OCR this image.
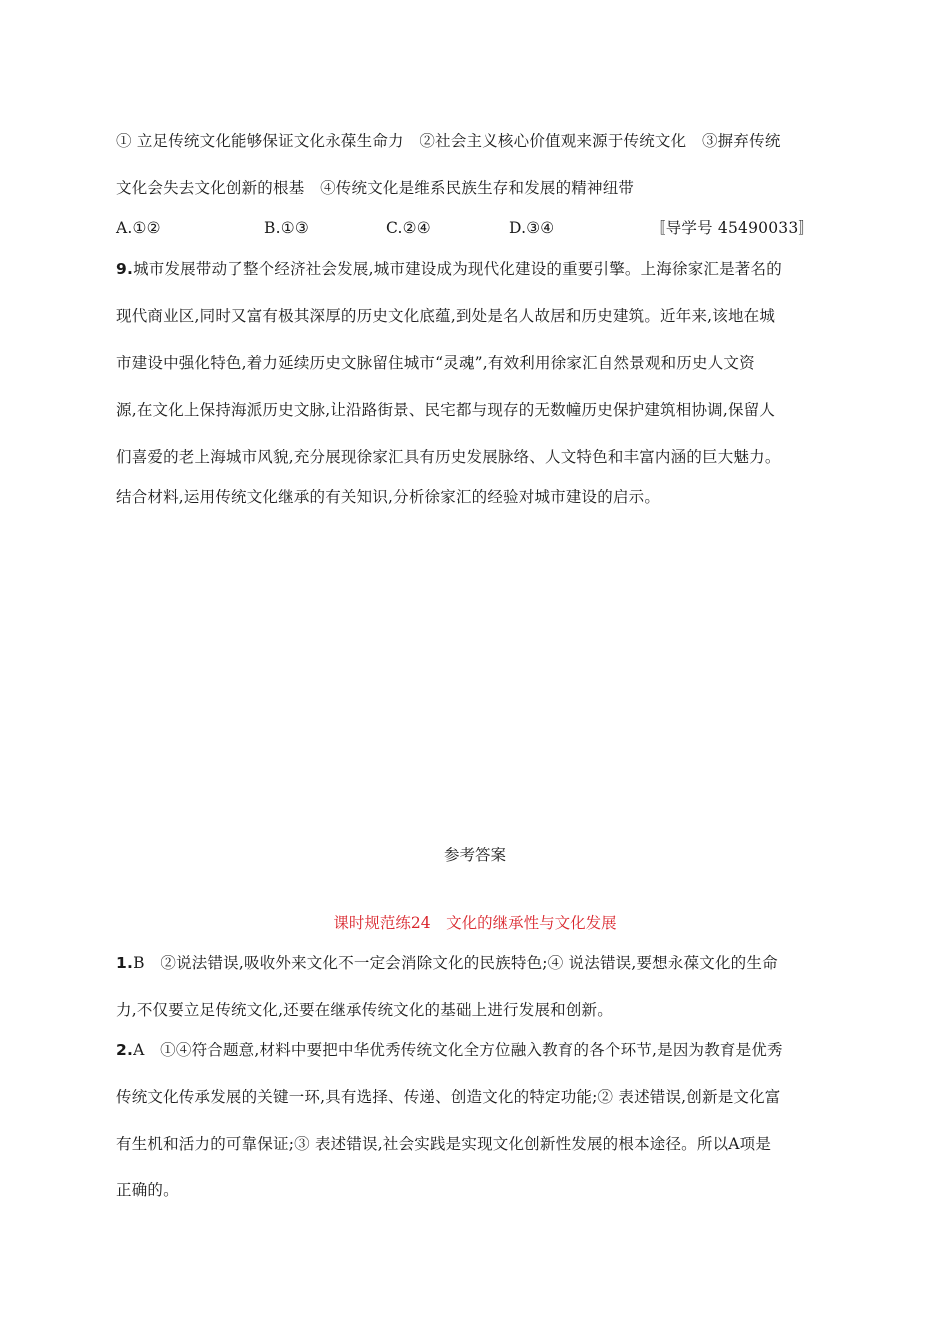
① 立足传统文化能够保证文化永葆生命力　②社会主义核心价值观来源于传统文化　③摒弃传统
文化会失去文化创新的根基　④传统文化是维系民族生存和发展的精神纽带
A.①②	B.①③	C.②④	D.③④	〚导学号 45490033〛
9.城市发展带动了整个经济社会发展,城市建设成为现代化建设的重要引擎。上海徐家汇是著名的
现代商业区,同时又富有极其深厚的历史文化底蕴,到处是名人故居和历史建筑。近年来,该地在城
市建设中强化特色,着力延续历史文脉留住城市“灵魂”,有效利用徐家汇自然景观和历史人文资
源,在文化上保持海派历史文脉,让沿路街景、民宅都与现存的无数幢历史保护建筑相协调,保留人
们喜爱的老上海城市风貌,充分展现徐家汇具有历史发展脉络、人文特色和丰富内涵的巨大魅力。
结合材料,运用传统文化继承的有关知识,分析徐家汇的经验对城市建设的启示。
参考答案
课时规范练24　文化的继承性与文化发展
1.B　②说法错误,吸收外来文化不一定会消除文化的民族特色;④ 说法错误,要想永葆文化的生命
力,不仅要立足传统文化,还要在继承传统文化的基础上进行发展和创新。
2.A　①④符合题意,材料中要把中华优秀传统文化全方位融入教育的各个环节,是因为教育是优秀
传统文化传承发展的关键一环,具有选择、传递、创造文化的特定功能;② 表述错误,创新是文化富
有生机和活力的可靠保证;③ 表述错误,社会实践是实现文化创新性发展的根本途径。所以A项是
正确的。
